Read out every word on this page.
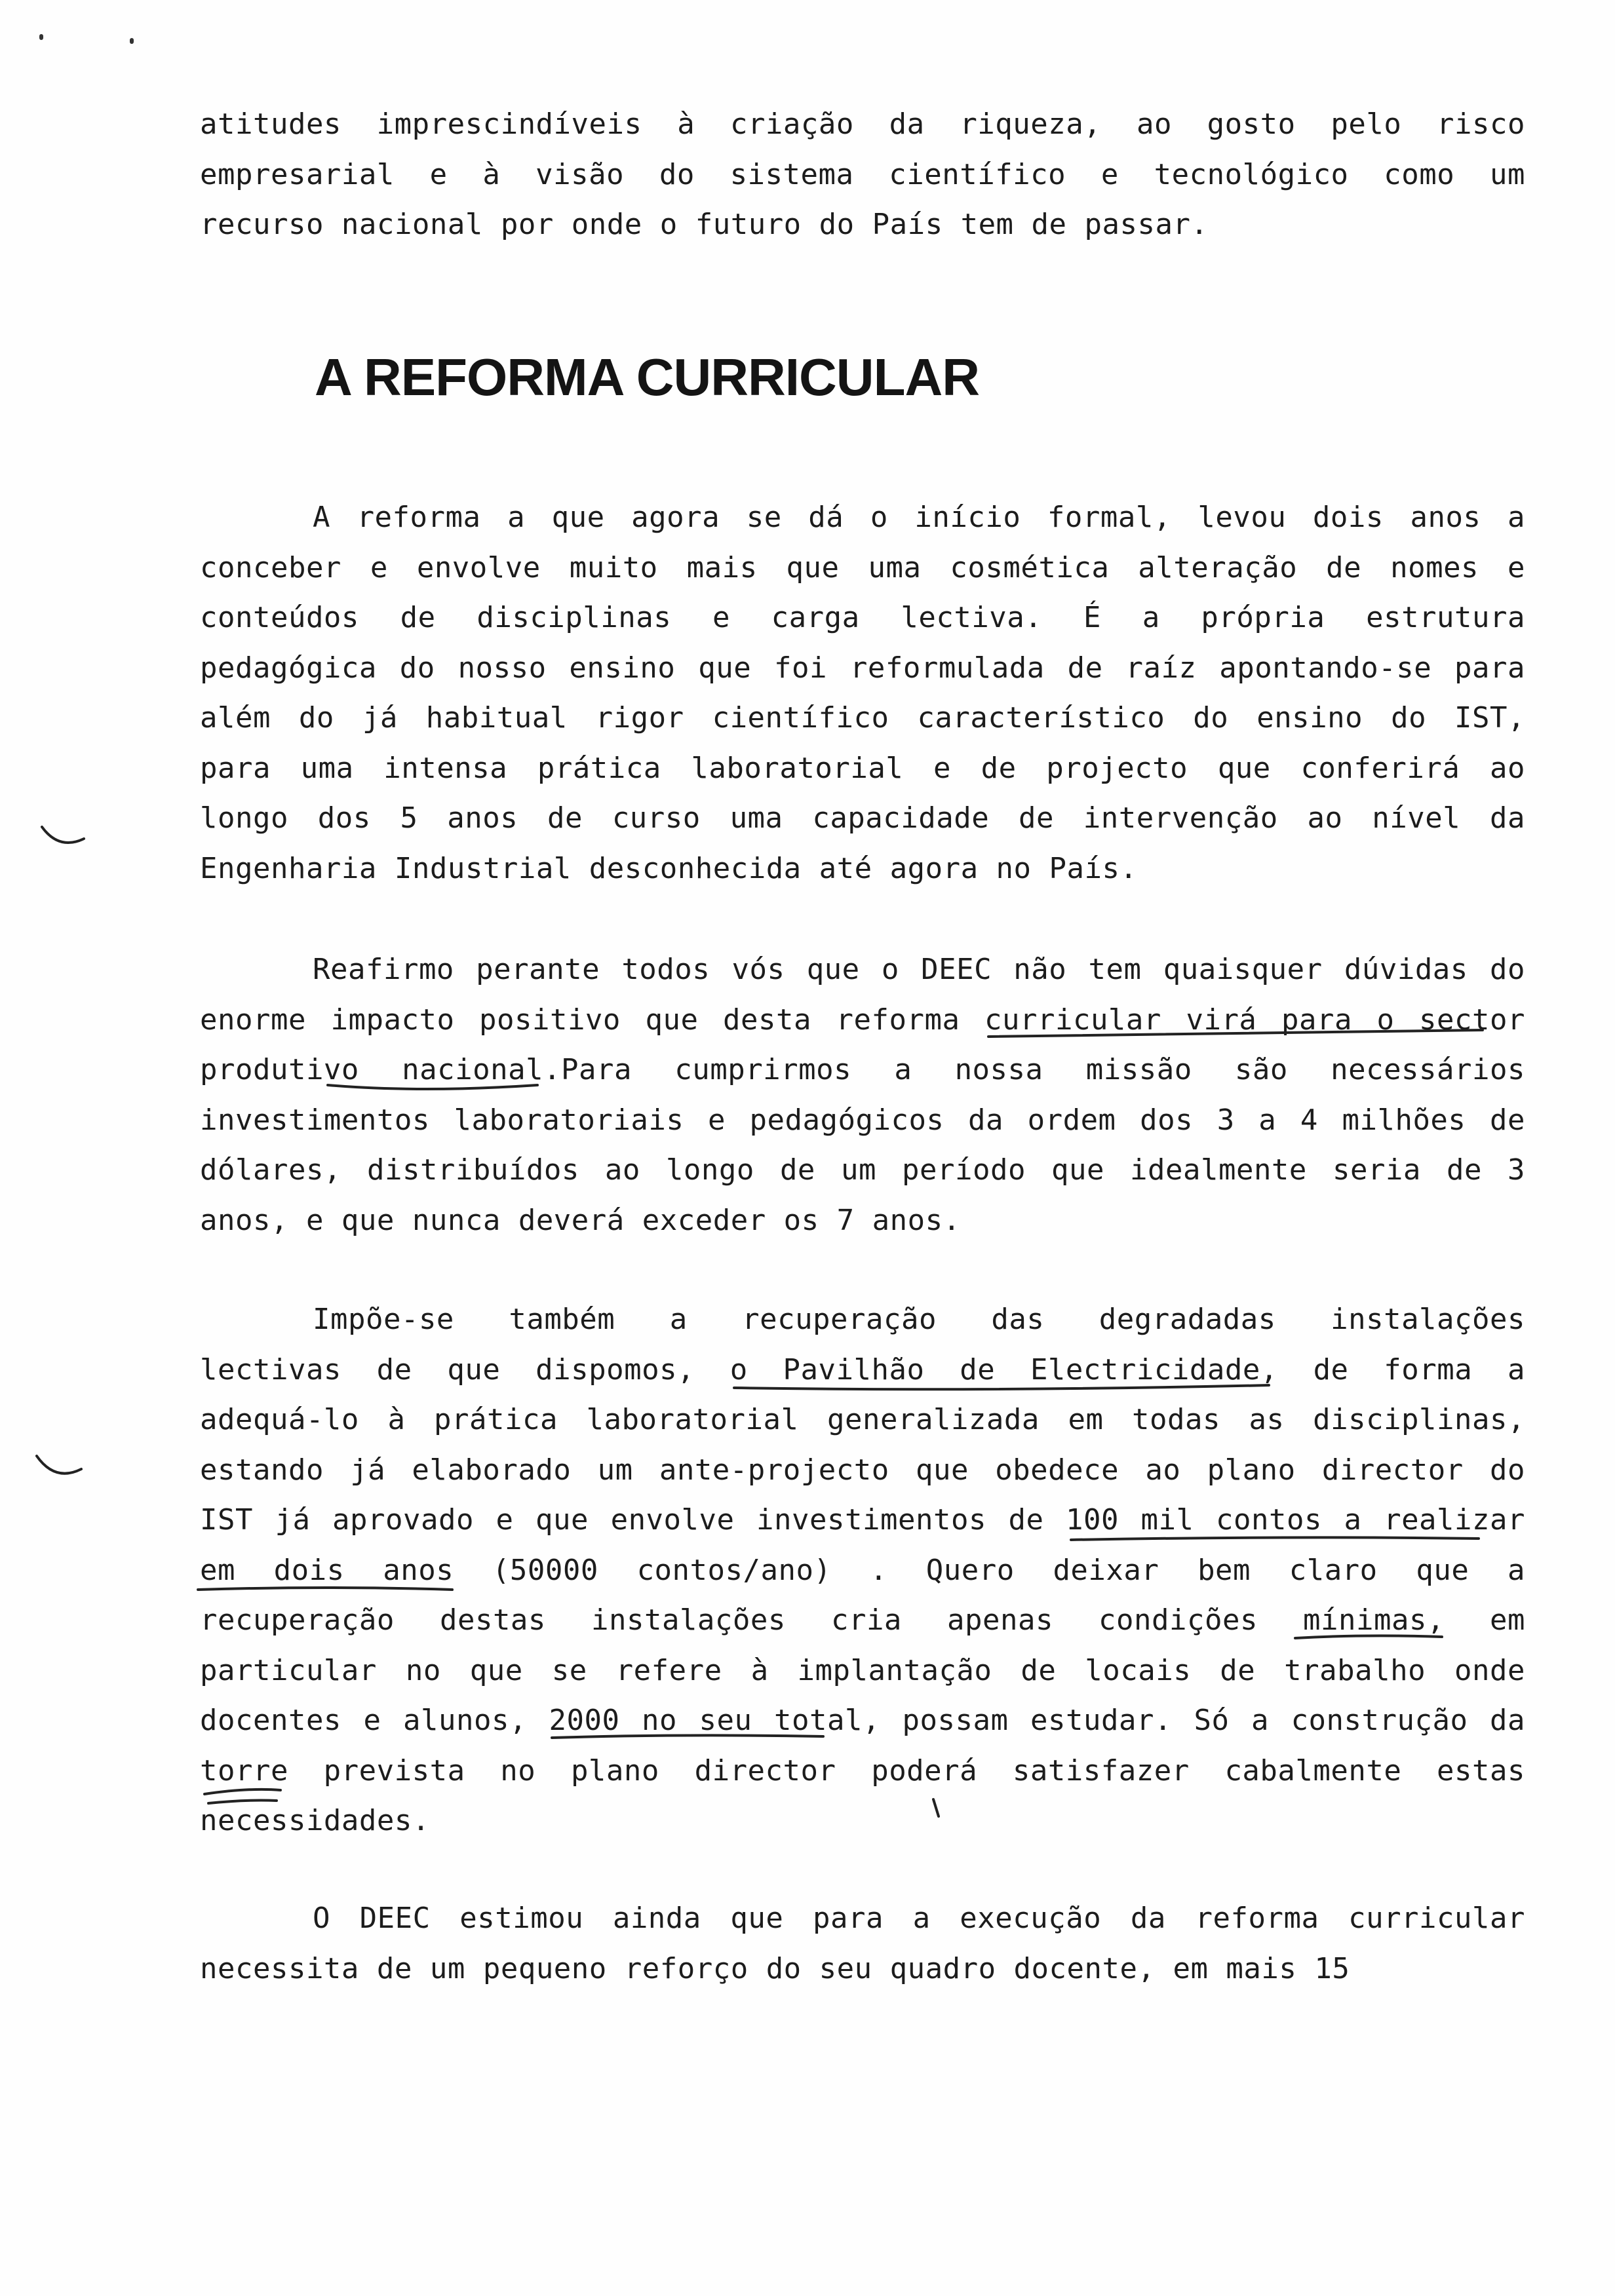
atitudes imprescindíveis à criação da riqueza, ao gosto pelo risco
empresarial e à visão do sistema científico e tecnológico como um
recurso nacional por onde o futuro do País tem de passar.
A REFORMA CURRICULAR
A reforma a que agora se dá o início formal, levou dois anos a
conceber e envolve muito mais que uma cosmética alteração de nomes e
conteúdos de disciplinas e carga lectiva. É a própria estrutura
pedagógica do nosso ensino que foi reformulada de raíz apontando-se para
além do já habitual rigor científico característico do ensino do IST,
para uma intensa prática laboratorial e de projecto que conferirá ao
longo dos 5 anos de curso uma capacidade de intervenção ao nível da
Engenharia Industrial desconhecida até agora no País.
Reafirmo perante todos vós que o DEEC não tem quaisquer dúvidas do
enorme impacto positivo que desta reforma curricular virá para o sector
produtivo nacional.Para cumprirmos a nossa missão são necessários
investimentos laboratoriais e pedagógicos da ordem dos 3 a 4 milhões de
dólares, distribuídos ao longo de um período que idealmente seria de 3
anos, e que nunca deverá exceder os 7 anos.
Impõe-se também a recuperação das degradadas instalações
lectivas de que dispomos, o Pavilhão de Electricidade, de forma a
adequá-lo à prática laboratorial generalizada em todas as disciplinas,
estando já elaborado um ante-projecto que obedece ao plano director do
IST já aprovado e que envolve investimentos de 100 mil contos a realizar
em dois anos (50000 contos/ano) . Quero deixar bem claro que a
recuperação destas instalações cria apenas condições mínimas, em
particular no que se refere à implantação de locais de trabalho onde
docentes e alunos, 2000 no seu total, possam estudar. Só a construção da
torre prevista no plano director poderá satisfazer cabalmente estas
necessidades.
O DEEC estimou ainda que para a execução da reforma curricular
necessita de um pequeno reforço do seu quadro docente, em mais 15
